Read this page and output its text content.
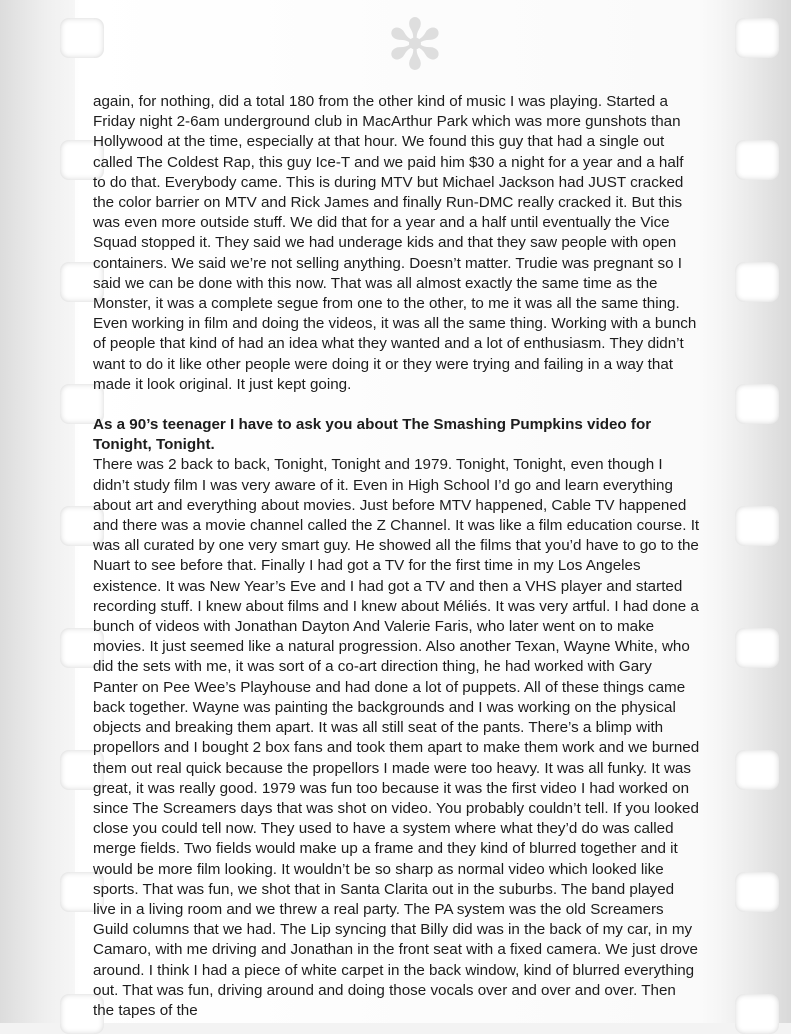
✻

again, for nothing, did a total 180 from the other kind of music I was playing. Started a Friday night 2-6am underground club in MacArthur Park which was more gunshots than Hollywood at the time, especially at that hour. We found this guy that had a single out called The Coldest Rap, this guy Ice-T and we paid him $30 a night for a year and a half to do that. Everybody came. This is during MTV but Michael Jackson had JUST cracked the color barrier on MTV and Rick James and finally Run-DMC really cracked it. But this was even more outside stuff. We did that for a year and a half until eventually the Vice Squad stopped it. They said we had underage kids and that they saw people with open containers. We said we’re not selling anything. Doesn’t matter. Trudie was pregnant so I said we can be done with this now. That was all almost exactly the same time as the Monster, it was a complete segue from one to the other, to me it was all the same thing. Even working in film and doing the videos, it was all the same thing. Working with a bunch of people that kind of had an idea what they wanted and a lot of enthusiasm. They didn’t want to do it like other people were doing it or they were trying and failing in a way that made it look original. It just kept going.

As a 90’s teenager I have to ask you about The Smashing Pumpkins video for Tonight, Tonight.

There was 2 back to back, Tonight, Tonight and 1979. Tonight, Tonight, even though I didn’t study film I was very aware of it. Even in High School I’d go and learn everything about art and everything about movies. Just before MTV happened, Cable TV happened and there was a movie channel called the Z Channel. It was like a film education course. It was all curated by one very smart guy. He showed all the films that you’d have to go to the Nuart to see before that. Finally I had got a TV for the first time in my Los Angeles existence. It was New Year’s Eve and I had got a TV and then a VHS player and started recording stuff. I knew about films and I knew about Méliés. It was very artful. I had done a bunch of videos with Jonathan Dayton And Valerie Faris, who later went on to make movies. It just seemed like a natural progression. Also another Texan, Wayne White, who did the sets with me, it was sort of a co-art direction thing, he had worked with Gary Panter on Pee Wee’s Playhouse and had done a lot of puppets. All of these things came back together. Wayne was painting the backgrounds and I was working on the physical objects and breaking them apart. It was all still seat of the pants. There’s a blimp with propellors and I bought 2 box fans and took them apart to make them work and we burned them out real quick because the propellors I made were too heavy. It was all funky. It was great, it was really good. 1979 was fun too because it was the first video I had worked on since The Screamers days that was shot on video. You probably couldn’t tell. If you looked close you could tell now. They used to have a system where what they’d do was called merge fields. Two fields would make up a frame and they kind of blurred together and it would be more film looking. It wouldn’t be so sharp as normal video which looked like sports. That was fun, we shot that in Santa Clarita out in the suburbs. The band played live in a living room and we threw a real party. The PA system was the old Screamers Guild columns that we had. The Lip syncing that Billy did was in the back of my car, in my Camaro, with me driving and Jonathan in the front seat with a fixed camera. We just drove around. I think I had a piece of white carpet in the back window, kind of blurred everything out. That was fun, driving around and doing those vocals over and over and over. Then the tapes of the
